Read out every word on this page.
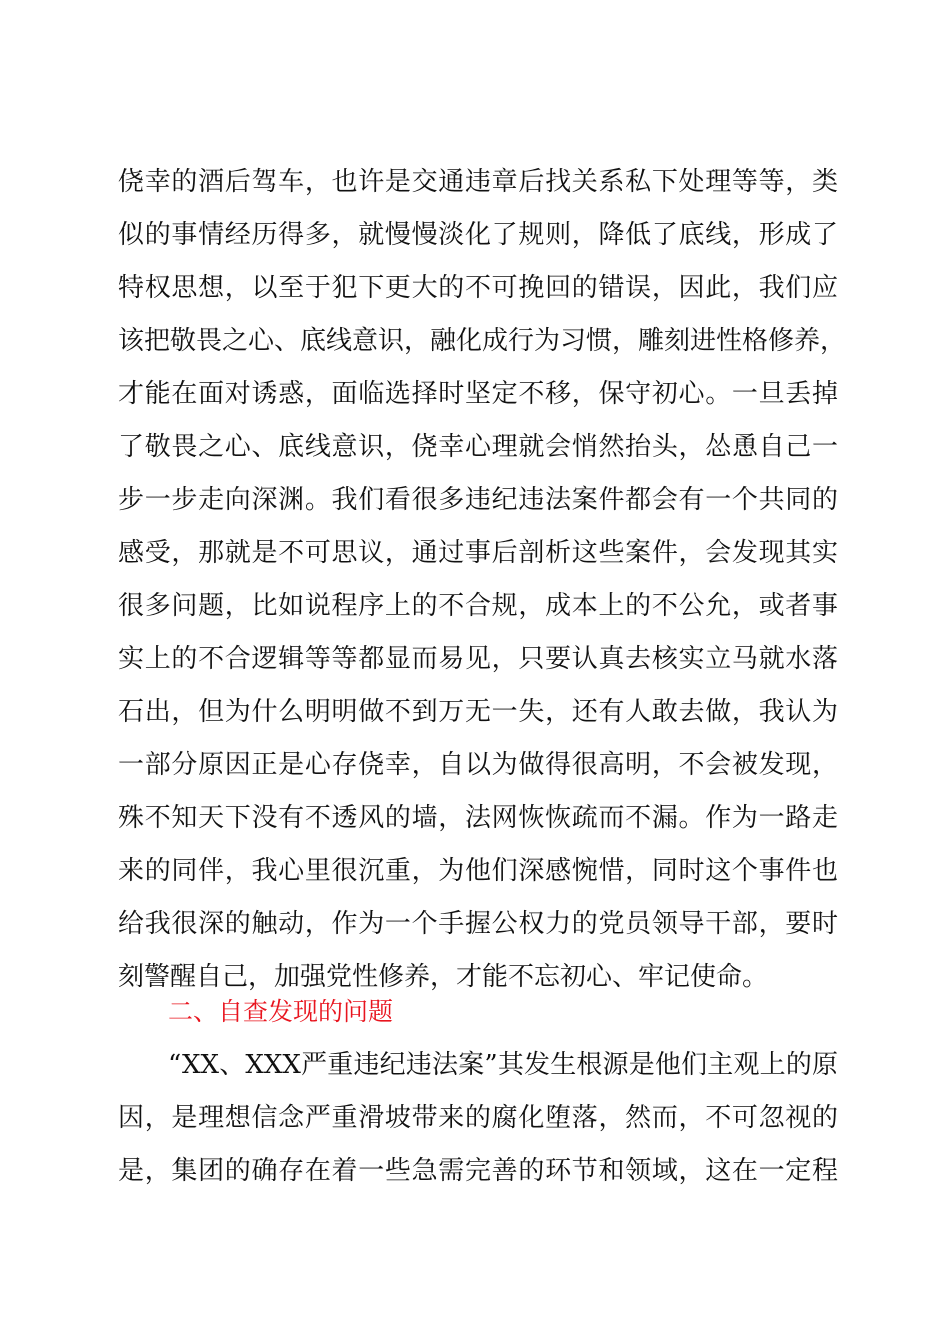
侥幸的酒后驾车，也许是交通违章后找关系私下处理等等，类
似的事情经历得多，就慢慢淡化了规则，降低了底线，形成了
特权思想，以至于犯下更大的不可挽回的错误，因此，我们应
该把敬畏之心、底线意识，融化成行为习惯，雕刻进性格修养，
才能在面对诱惑，面临选择时坚定不移，保守初心。一旦丢掉
了敬畏之心、底线意识，侥幸心理就会悄然抬头，怂恿自己一
步一步走向深渊。我们看很多违纪违法案件都会有一个共同的
感受，那就是不可思议，通过事后剖析这些案件，会发现其实
很多问题，比如说程序上的不合规，成本上的不公允，或者事
实上的不合逻辑等等都显而易见，只要认真去核实立马就水落
石出，但为什么明明做不到万无一失，还有人敢去做，我认为
一部分原因正是心存侥幸，自以为做得很高明，不会被发现，
殊不知天下没有不透风的墙，法网恢恢疏而不漏。作为一路走
来的同伴，我心里很沉重，为他们深感惋惜，同时这个事件也
给我很深的触动，作为一个手握公权力的党员领导干部，要时
刻警醒自己，加强党性修养，才能不忘初心、牢记使命。
二、自查发现的问题
“XX、XXX严重违纪违法案”其发生根源是他们主观上的原
因，是理想信念严重滑坡带来的腐化堕落，然而，不可忽视的
是，集团的确存在着一些急需完善的环节和领域，这在一定程
